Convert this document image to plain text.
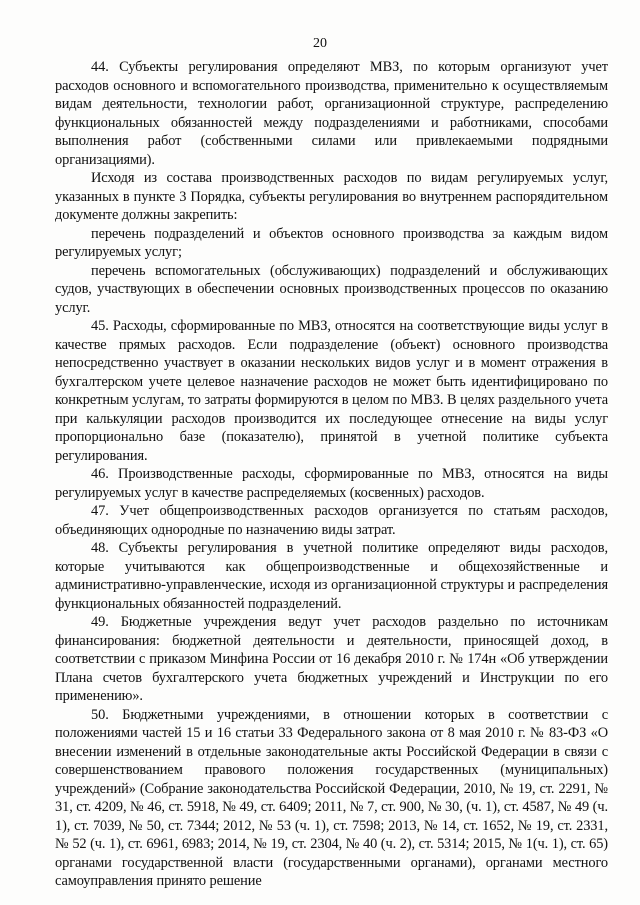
20

44. Субъекты регулирования определяют МВЗ, по которым организуют учет расходов основного и вспомогательного производства, применительно к осуществляемым видам деятельности, технологии работ, организационной структуре, распределению функциональных обязанностей между подразделениями и работниками, способами выполнения работ (собственными силами или привлекаемыми подрядными организациями).

Исходя из состава производственных расходов по видам регулируемых услуг, указанных в пункте 3 Порядка, субъекты регулирования во внутреннем распорядительном документе должны закрепить:

перечень подразделений и объектов основного производства за каждым видом регулируемых услуг;

перечень вспомогательных (обслуживающих) подразделений и обслуживающих судов, участвующих в обеспечении основных производственных процессов по оказанию услуг.

45. Расходы, сформированные по МВЗ, относятся на соответствующие виды услуг в качестве прямых расходов. Если подразделение (объект) основного производства непосредственно участвует в оказании нескольких видов услуг и в момент отражения в бухгалтерском учете целевое назначение расходов не может быть идентифицировано по конкретным услугам, то затраты формируются в целом по МВЗ. В целях раздельного учета при калькуляции расходов производится их последующее отнесение на виды услуг пропорционально базе (показателю), принятой в учетной политике субъекта регулирования.

46. Производственные расходы, сформированные по МВЗ, относятся на виды регулируемых услуг в качестве распределяемых (косвенных) расходов.

47. Учет общепроизводственных расходов организуется по статьям расходов, объединяющих однородные по назначению виды затрат.

48. Субъекты регулирования в учетной политике определяют виды расходов, которые учитываются как общепроизводственные и общехозяйственные и административно-управленческие, исходя из организационной структуры и распределения функциональных обязанностей подразделений.

49. Бюджетные учреждения ведут учет расходов раздельно по источникам финансирования: бюджетной деятельности и деятельности, приносящей доход, в соответствии с приказом Минфина России от 16 декабря 2010 г. № 174н «Об утверждении Плана счетов бухгалтерского учета бюджетных учреждений и Инструкции по его применению».

50. Бюджетными учреждениями, в отношении которых в соответствии с положениями частей 15 и 16 статьи 33 Федерального закона от 8 мая 2010 г. № 83-ФЗ «О внесении изменений в отдельные законодательные акты Российской Федерации в связи с совершенствованием правового положения государственных (муниципальных) учреждений» (Собрание законодательства Российской Федерации, 2010, № 19, ст. 2291, № 31, ст. 4209, № 46, ст. 5918, № 49, ст. 6409; 2011, № 7, ст. 900, № 30, (ч. 1), ст. 4587, № 49 (ч. 1), ст. 7039, № 50, ст. 7344; 2012, № 53 (ч. 1), ст. 7598; 2013, № 14, ст. 1652, № 19, ст. 2331, № 52 (ч. 1), ст. 6961, 6983; 2014, № 19, ст. 2304, № 40 (ч. 2), ст. 5314; 2015, № 1(ч. 1), ст. 65) органами государственной власти (государственными органами), органами местного самоуправления принято решение
